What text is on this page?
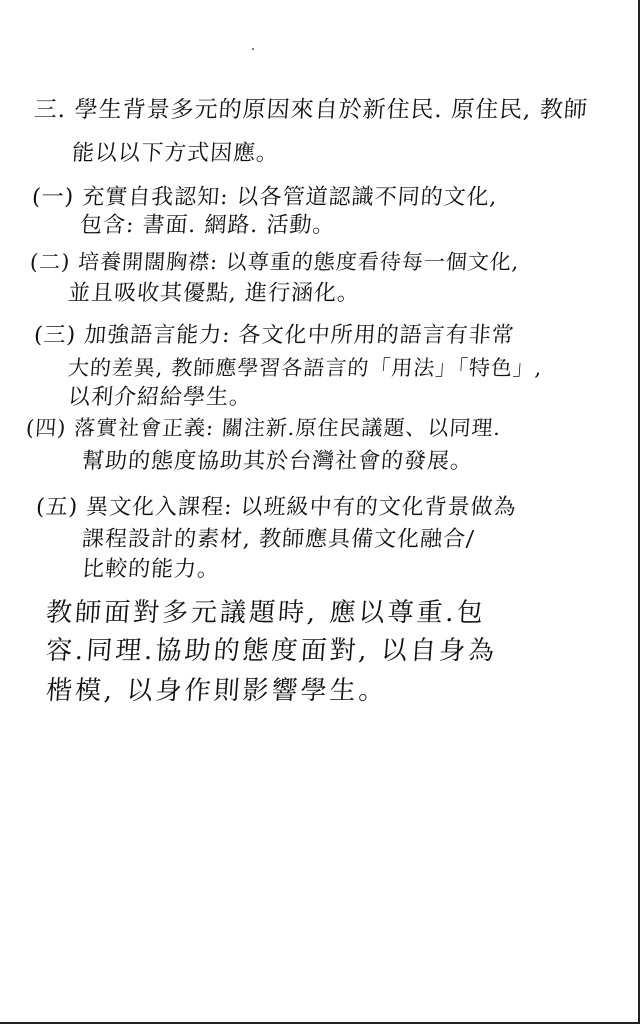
三. 學生背景多元的原因來自於新住民. 原住民, 教師
能以以下方式因應。
(一) 充實自我認知: 以各管道認識不同的文化,
包含: 書面. 網路. 活動。
(二) 培養開闊胸襟: 以尊重的態度看待每一個文化,
並且吸收其優點, 進行涵化。
(三) 加強語言能力: 各文化中所用的語言有非常
大的差異, 教師應學習各語言的「用法」「特色」,
以利介紹給學生。
(四) 落實社會正義: 關注新.原住民議題、以同理.
幫助的態度協助其於台灣社會的發展。
(五) 異文化入課程: 以班級中有的文化背景做為
課程設計的素材, 教師應具備文化融合/
比較的能力。
教師面對多元議題時, 應以尊重.包
容.同理.協助的態度面對, 以自身為
楷模, 以身作則影響學生。
